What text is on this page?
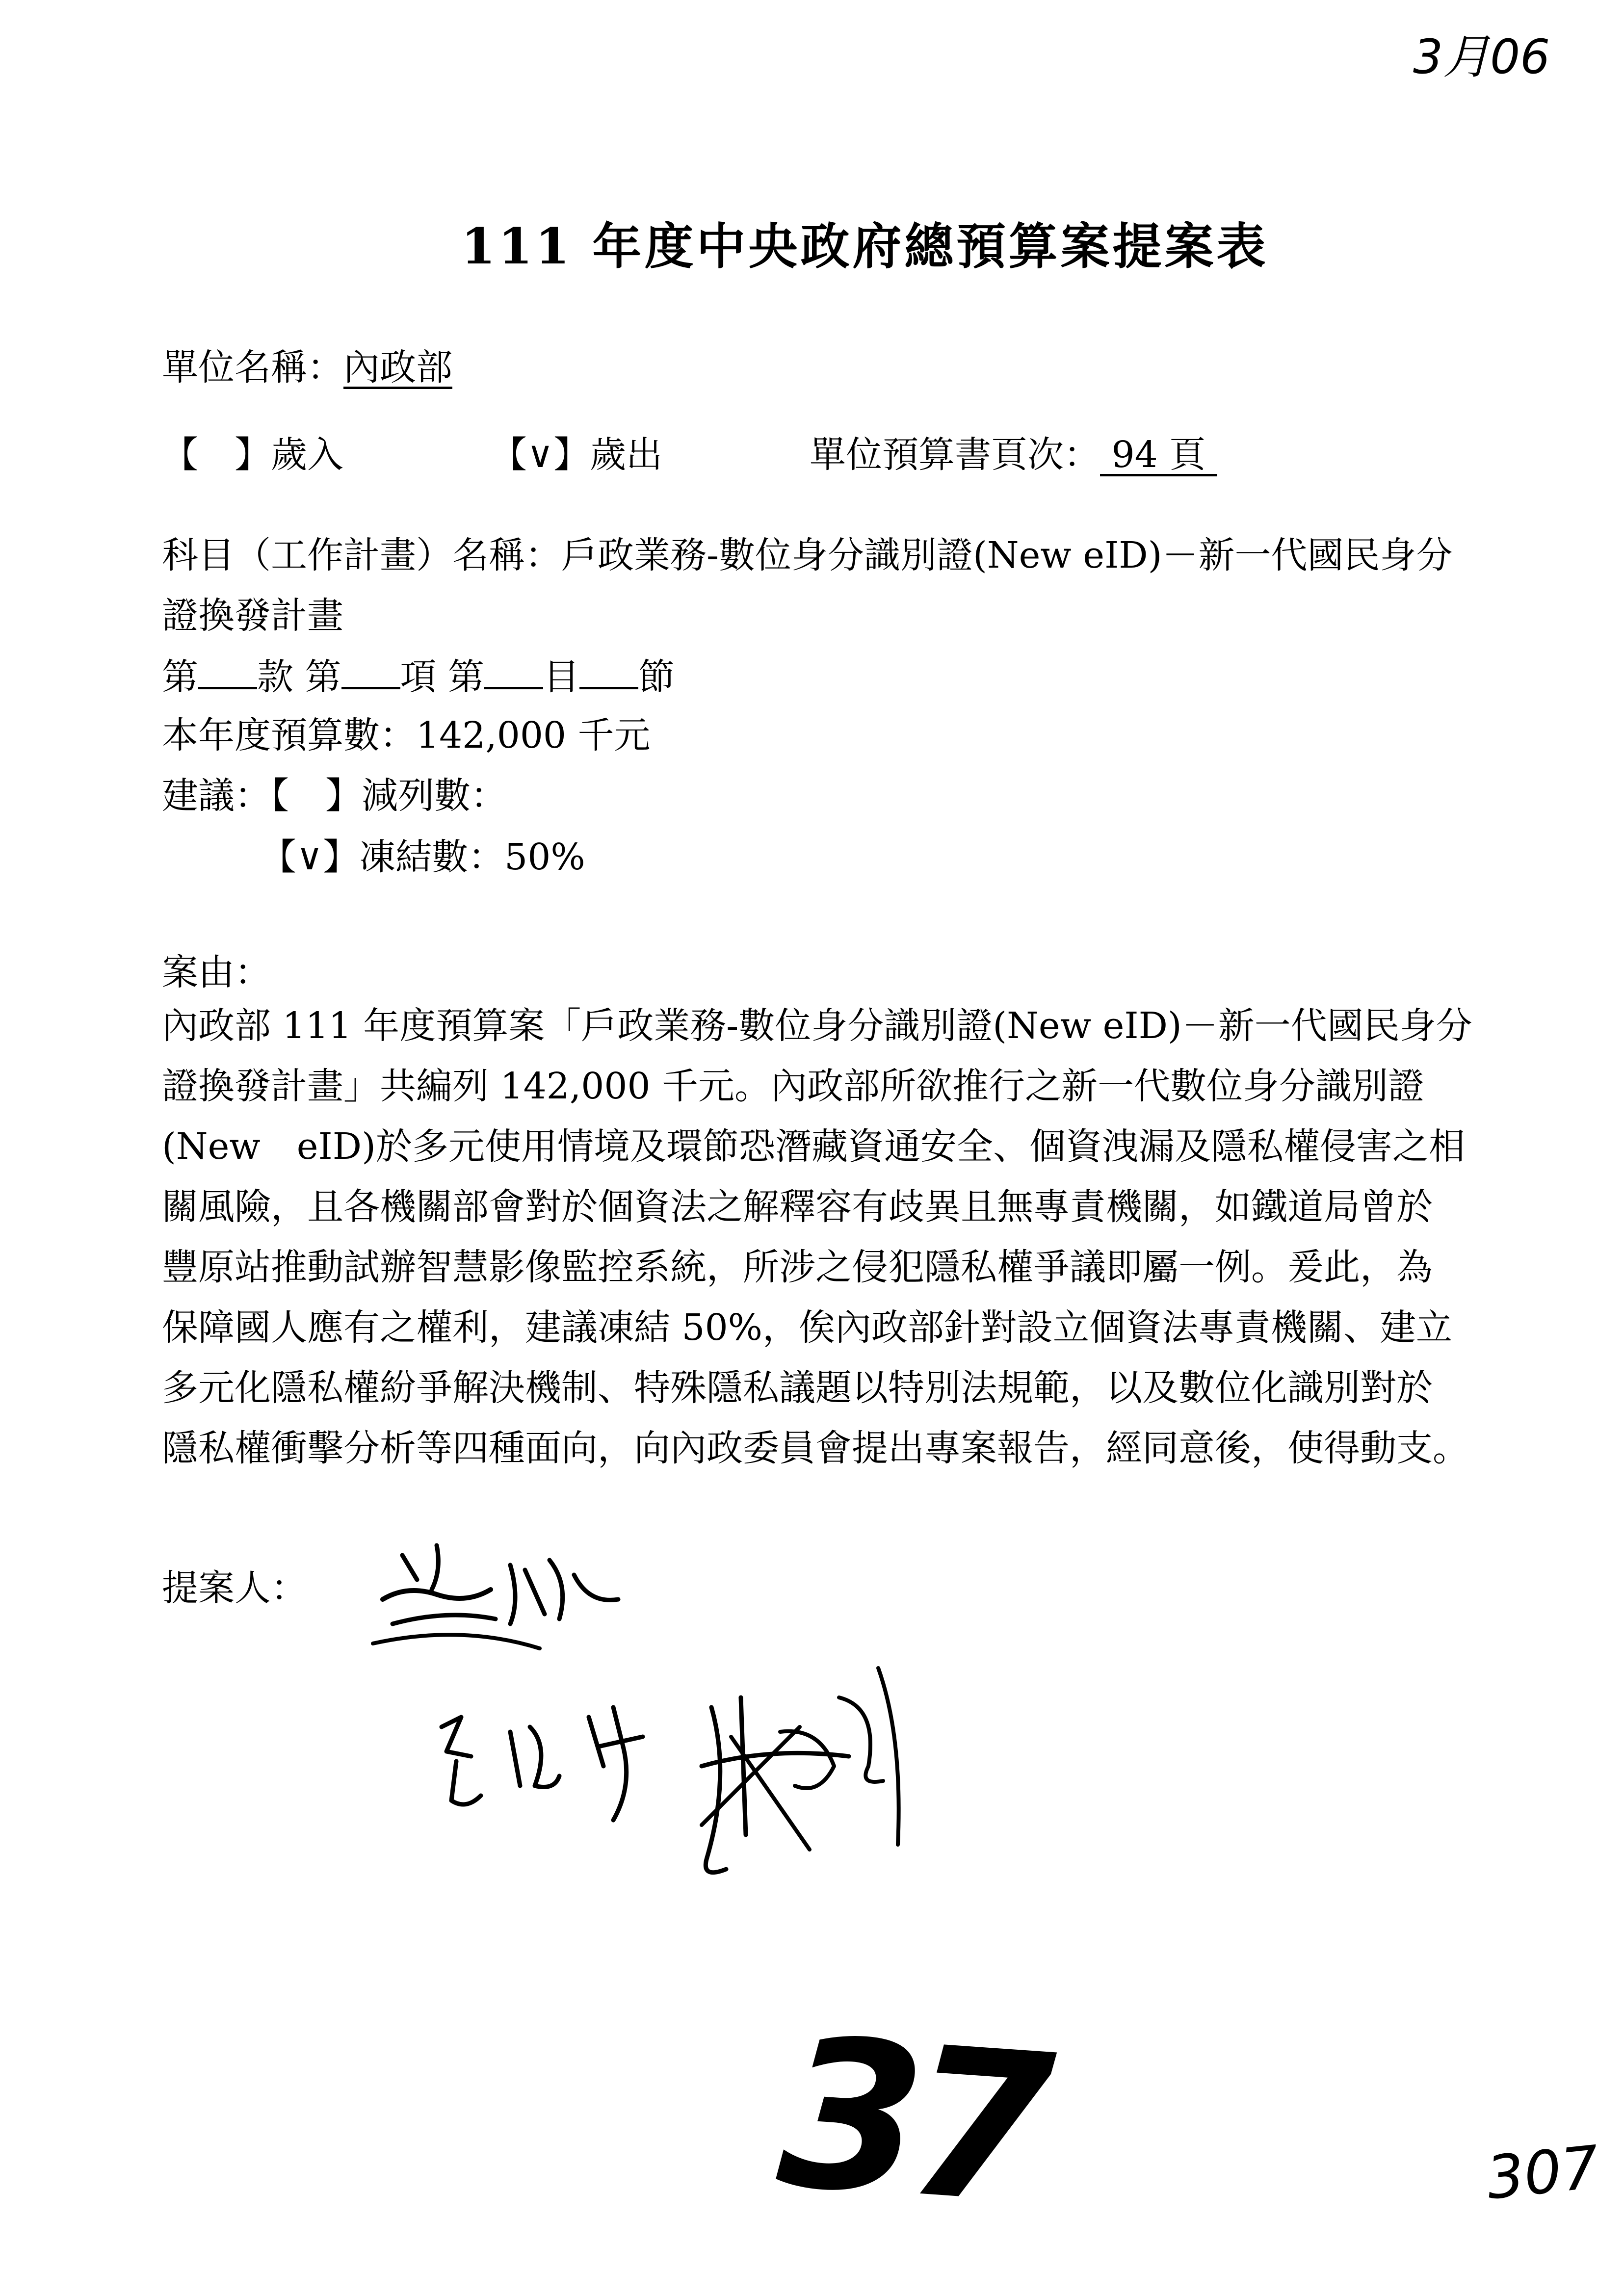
3月06
111 年度中央政府總預算案提案表
單位名稱：內政部
【　】歲入	【∨】歲出	單位預算書頁次： 94 頁
科目（工作計畫）名稱：戶政業務-數位身分識別證(New eID)－新一代國民身分
證換發計畫
第 款 第 項 第 目 節
本年度預算數：142,000 千元
建議：【　】減列數：
【∨】凍結數：50%
案由：
內政部 111 年度預算案「戶政業務-數位身分識別證(New eID)－新一代國民身分
證換發計畫」共編列 142,000 千元。內政部所欲推行之新一代數位身分識別證
(New　eID)於多元使用情境及環節恐潛藏資通安全、個資洩漏及隱私權侵害之相
關風險，且各機關部會對於個資法之解釋容有歧異且無專責機關，如鐵道局曾於
豐原站推動試辦智慧影像監控系統，所涉之侵犯隱私權爭議即屬一例。爰此，為
保障國人應有之權利，建議凍結 50%，俟內政部針對設立個資法專責機關、建立
多元化隱私權紛爭解決機制、特殊隱私議題以特別法規範，以及數位化識別對於
隱私權衝擊分析等四種面向，向內政委員會提出專案報告，經同意後，使得動支。
提案人：
37	307
